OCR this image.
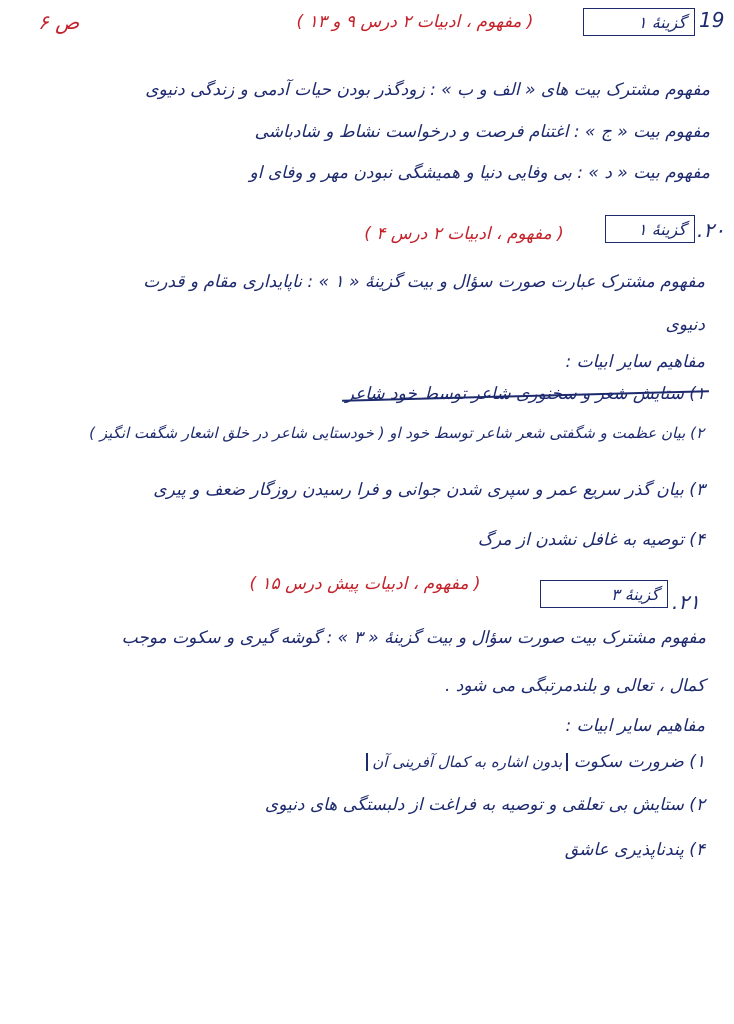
ص ۶	( مفهوم ، ادبیات ۲ درس ۹ و ۱۳ )	گزینهٔ ۱ 19
مفهوم مشترک بیت های « الف و ب » : زودگذر بودن حیات آدمی و زندگی دنیوی
مفهوم بیت « ج » : اغتنام فرصت و درخواست نشاط و شادباشی
مفهوم بیت « د » : بی وفایی دنیا و همیشگی نبودن مهر و وفای او
( مفهوم ، ادبیات ۲ درس ۴ )	گزینهٔ ۱ ۲۰.
مفهوم مشترک عبارت صورت سؤال و بیت گزینهٔ « ۱ » : ناپایداری مقام و قدرت
دنیوی
مفاهیم سایر ابیات :
۱) ستایش شعر و سخنوری شاعر توسط خود شاعر
۲) بیان عظمت و شگفتی شعر شاعر توسط خود او ( خودستایی شاعر در خلق اشعار شگفت انگیز )
۳) بیان گذر سریع عمر و سپری شدن جوانی و فرا رسیدن روزگار ضعف و پیری
۴) توصیه به غافل نشدن از مرگ
( مفهوم ، ادبیات پیش درس ۱۵ )	گزینهٔ ۳ ۲۱.
مفهوم مشترک بیت صورت سؤال و بیت گزینهٔ « ۳ » : گوشه گیری و سکوت موجب
کمال ، تعالی و بلندمرتبگی می شود .
مفاهیم سایر ابیات :
۱) ضرورت سکوت بدون اشاره به کمال آفرینی آن
۲) ستایش بی تعلقی و توصیه به فراغت از دلبستگی های دنیوی
۴) پندناپذیری عاشق
